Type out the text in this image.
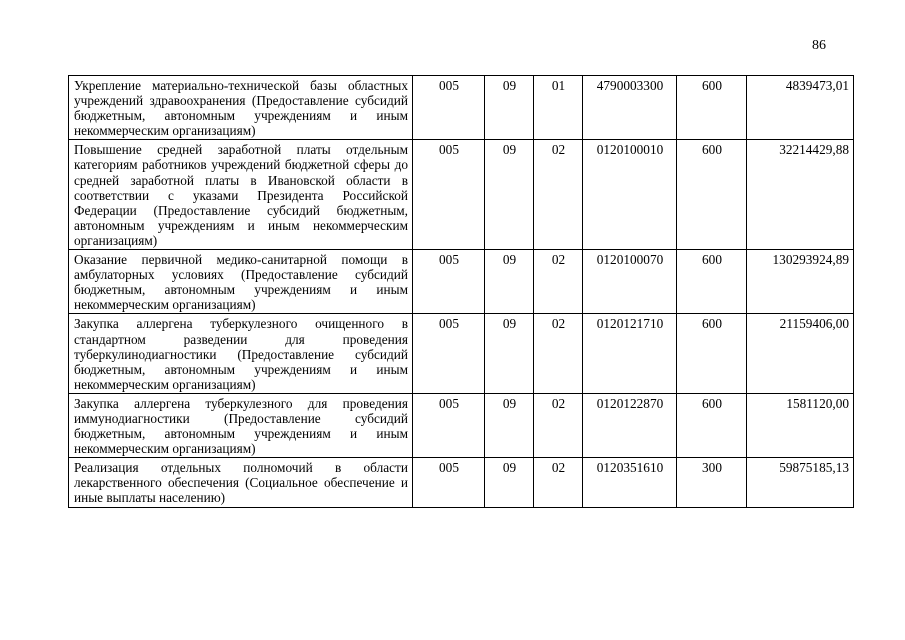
86
Укрепление материально-технической базы областных учреждений здравоохранения (Предоставление субсидий бюджетным, автономным учреждениям и иным некоммерческим организациям)	005	09	01	4790003300	600	4839473,01
Повышение средней заработной платы отдельным категориям работников учреждений бюджетной сферы до средней заработной платы в Ивановской области в соответствии с указами Президента Российской Федерации (Предоставление субсидий бюджетным, автономным учреждениям и иным некоммерческим организациям)	005	09	02	0120100010	600	32214429,88
Оказание первичной медико-санитарной помощи в амбулаторных условиях (Предоставление субсидий бюджетным, автономным учреждениям и иным некоммерческим организациям)	005	09	02	0120100070	600	130293924,89
Закупка аллергена туберкулезного очищенного в стандартном разведении для проведения туберкулинодиагностики (Предоставление субсидий бюджетным, автономным учреждениям и иным некоммерческим организациям)	005	09	02	0120121710	600	21159406,00
Закупка аллергена туберкулезного для проведения иммунодиагностики (Предоставление субсидий бюджетным, автономным учреждениям и иным некоммерческим организациям)	005	09	02	0120122870	600	1581120,00
Реализация отдельных полномочий в области лекарственного обеспечения (Социальное обеспечение и иные выплаты населению)	005	09	02	0120351610	300	59875185,13
